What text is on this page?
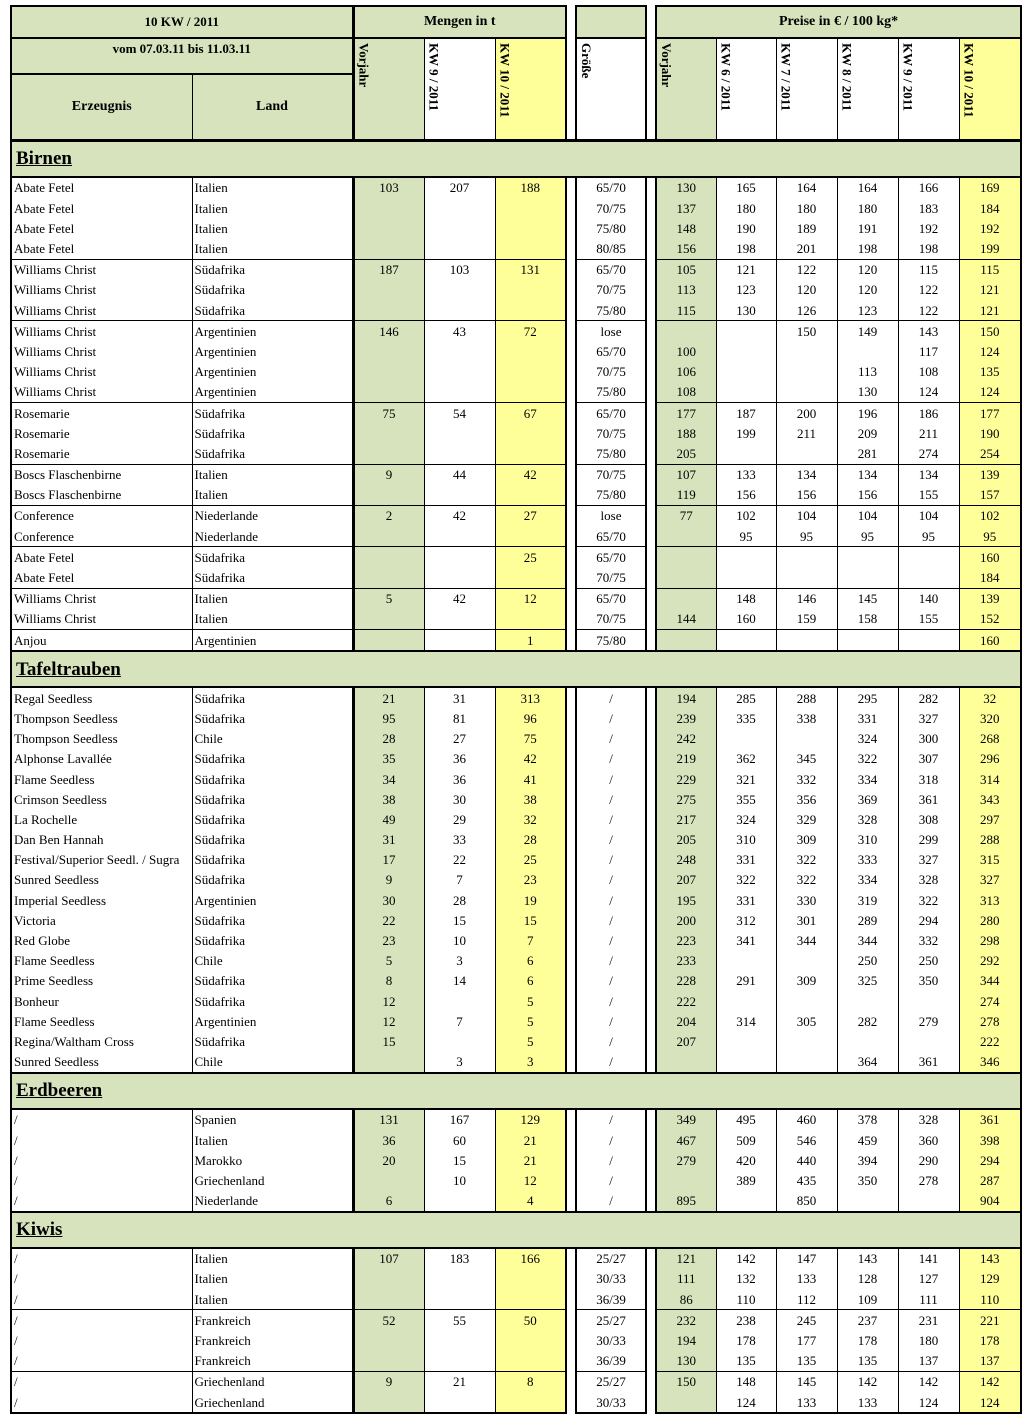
10 KW / 2011		Mengen in t						Preise in € / 100 kg*					
vom 07.03.11 bis 11.03.11		Vorjahr	KW 9 / 2011	KW 10 / 2011		Größe		Vorjahr	KW 6 / 2011	KW 7 / 2011	KW 8 / 2011	KW 9 / 2011	KW 10 / 2011

Erzeugnis	Land												
Birnen													
Abate Fetel	Italien	103	207	188		65/70		130	165	164	164	166	169
Abate Fetel	Italien					70/75		137	180	180	180	183	184
Abate Fetel	Italien					75/80		148	190	189	191	192	192
Abate Fetel	Italien					80/85		156	198	201	198	198	199
Williams Christ	Südafrika	187	103	131		65/70		105	121	122	120	115	115
Williams Christ	Südafrika					70/75		113	123	120	120	122	121
Williams Christ	Südafrika					75/80		115	130	126	123	122	121
Williams Christ	Argentinien	146	43	72		lose				150	149	143	150
Williams Christ	Argentinien					65/70		100				117	124
Williams Christ	Argentinien					70/75		106			113	108	135
Williams Christ	Argentinien					75/80		108			130	124	124
Rosemarie	Südafrika	75	54	67		65/70		177	187	200	196	186	177
Rosemarie	Südafrika					70/75		188	199	211	209	211	190
Rosemarie	Südafrika					75/80		205			281	274	254
Boscs Flaschenbirne	Italien	9	44	42		70/75		107	133	134	134	134	139
Boscs Flaschenbirne	Italien					75/80		119	156	156	156	155	157
Conference	Niederlande	2	42	27		lose		77	102	104	104	104	102
Conference	Niederlande					65/70			95	95	95	95	95
Abate Fetel	Südafrika			25		65/70							160
Abate Fetel	Südafrika					70/75							184
Williams Christ	Italien	5	42	12		65/70			148	146	145	140	139
Williams Christ	Italien					70/75		144	160	159	158	155	152
Anjou	Argentinien			1		75/80							160
Tafeltrauben													
Regal Seedless	Südafrika	21	31	313		/		194	285	288	295	282	32
Thompson Seedless	Südafrika	95	81	96		/		239	335	338	331	327	320
Thompson Seedless	Chile	28	27	75		/		242			324	300	268
Alphonse Lavallée	Südafrika	35	36	42		/		219	362	345	322	307	296
Flame Seedless	Südafrika	34	36	41		/		229	321	332	334	318	314
Crimson Seedless	Südafrika	38	30	38		/		275	355	356	369	361	343
La Rochelle	Südafrika	49	29	32		/		217	324	329	328	308	297
Dan Ben Hannah	Südafrika	31	33	28		/		205	310	309	310	299	288
Festival/Superior Seedl. / Sugra	Südafrika	17	22	25		/		248	331	322	333	327	315
Sunred Seedless	Südafrika	9	7	23		/		207	322	322	334	328	327
Imperial Seedless	Argentinien	30	28	19		/		195	331	330	319	322	313
Victoria	Südafrika	22	15	15		/		200	312	301	289	294	280
Red Globe	Südafrika	23	10	7		/		223	341	344	344	332	298
Flame Seedless	Chile	5	3	6		/		233			250	250	292
Prime Seedless	Südafrika	8	14	6		/		228	291	309	325	350	344
Bonheur	Südafrika	12		5		/		222					274
Flame Seedless	Argentinien	12	7	5		/		204	314	305	282	279	278
Regina/Waltham Cross	Südafrika	15		5		/		207					222
Sunred Seedless	Chile		3	3		/					364	361	346
Erdbeeren													
/	Spanien	131	167	129		/		349	495	460	378	328	361
/	Italien	36	60	21		/		467	509	546	459	360	398
/	Marokko	20	15	21		/		279	420	440	394	290	294
/	Griechenland		10	12		/			389	435	350	278	287
/	Niederlande	6		4		/		895		850			904
Kiwis													
/	Italien	107	183	166		25/27		121	142	147	143	141	143
/	Italien					30/33		111	132	133	128	127	129
/	Italien					36/39		86	110	112	109	111	110
/	Frankreich	52	55	50		25/27		232	238	245	237	231	221
/	Frankreich					30/33		194	178	177	178	180	178
/	Frankreich					36/39		130	135	135	135	137	137
/	Griechenland	9	21	8		25/27		150	148	145	142	142	142
/	Griechenland					30/33			124	133	133	124	124
